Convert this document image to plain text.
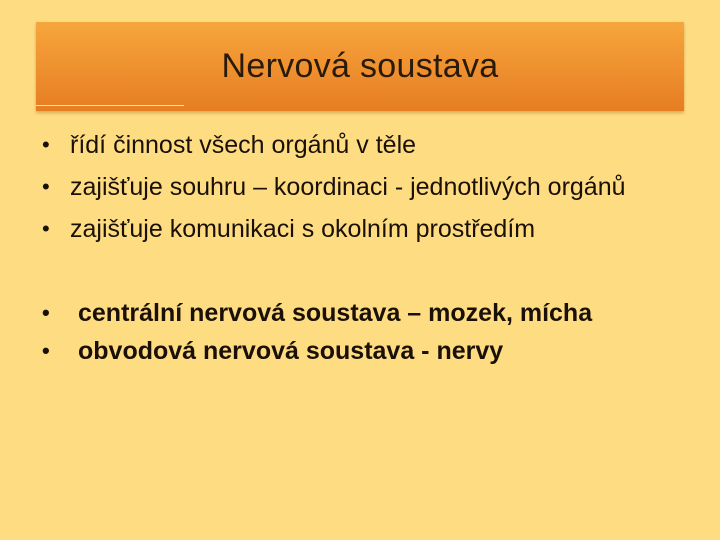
Nervová soustava
• řídí činnost všech orgánů v těle
• zajišťuje souhru – koordinaci - jednotlivých orgánů
• zajišťuje komunikaci s okolním prostředím
• centrální nervová soustava – mozek, mícha
• obvodová nervová soustava - nervy
